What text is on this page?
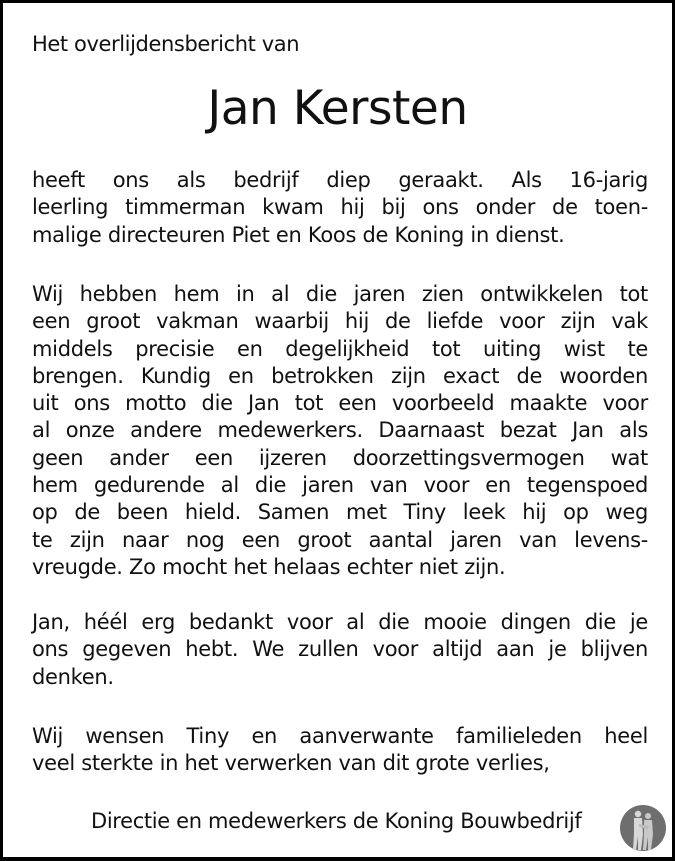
Het overlijdensbericht van
Jan Kersten
heeft ons als bedrijf diep geraakt. Als 16-jarig
leerling timmerman kwam hij bij ons onder de toen-
malige directeuren Piet en Koos de Koning in dienst.
Wij hebben hem in al die jaren zien ontwikkelen tot
een groot vakman waarbij hij de liefde voor zijn vak
middels precisie en degelijkheid tot uiting wist te
brengen. Kundig en betrokken zijn exact de woorden
uit ons motto die Jan tot een voorbeeld maakte voor
al onze andere medewerkers. Daarnaast bezat Jan als
geen ander een ijzeren doorzettingsvermogen wat
hem gedurende al die jaren van voor en tegenspoed
op de been hield. Samen met Tiny leek hij op weg
te zijn naar nog een groot aantal jaren van levens-
vreugde. Zo mocht het helaas echter niet zijn.
Jan, héél erg bedankt voor al die mooie dingen die je
ons gegeven hebt. We zullen voor altijd aan je blijven
denken.
Wij wensen Tiny en aanverwante familieleden heel
veel sterkte in het verwerken van dit grote verlies,
Directie en medewerkers de Koning Bouwbedrijf
